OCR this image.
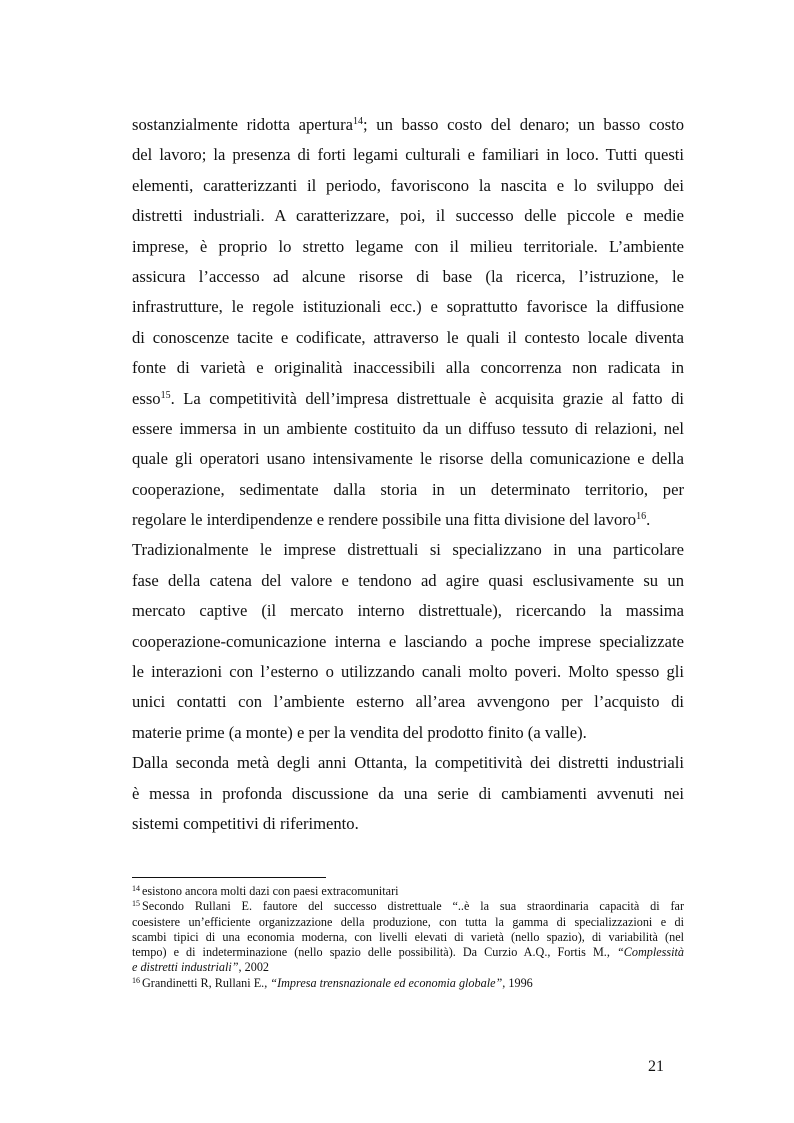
sostanzialmente ridotta apertura$^{14}$; un basso costo del denaro; un basso costo
del lavoro; la presenza di forti legami culturali e familiari in loco. Tutti questi
elementi, caratterizzanti il periodo, favoriscono la nascita e lo sviluppo dei
distretti industriali. A caratterizzare, poi, il successo delle piccole e medie
imprese, è proprio lo stretto legame con il milieu territoriale. L’ambiente
assicura l’accesso ad alcune risorse di base (la ricerca, l’istruzione, le
infrastrutture, le regole istituzionali ecc.) e soprattutto favorisce la diffusione
di conoscenze tacite e codificate, attraverso le quali il contesto locale diventa
fonte di varietà e originalità inaccessibili alla concorrenza non radicata in
esso$^{15}$. La competitività dell’impresa distrettuale è acquisita grazie al fatto di
essere immersa in un ambiente costituito da un diffuso tessuto di relazioni, nel
quale gli operatori usano intensivamente le risorse della comunicazione e della
cooperazione, sedimentate dalla storia in un determinato territorio, per
regolare le interdipendenze e rendere possibile una fitta divisione del lavoro$^{16}$.
Tradizionalmente le imprese distrettuali si specializzano in una particolare
fase della catena del valore e tendono ad agire quasi esclusivamente su un
mercato captive (il mercato interno distrettuale), ricercando la massima
cooperazione-comunicazione interna e lasciando a poche imprese specializzate
le interazioni con l’esterno o utilizzando canali molto poveri. Molto spesso gli
unici contatti con l’ambiente esterno all’area avvengono per l’acquisto di
materie prime (a monte) e per la vendita del prodotto finito (a valle).
Dalla seconda metà degli anni Ottanta, la competitività dei distretti industriali
è messa in profonda discussione da una serie di cambiamenti avvenuti nei
sistemi competitivi di riferimento.
$^{14}$ esistono ancora molti dazi con paesi extracomunitari
$^{15}$ Secondo Rullani E. fautore del successo distrettuale “..è la sua straordinaria capacità di far
coesistere un’efficiente organizzazione della produzione, con tutta la gamma di specializzazioni e di
scambi tipici di una economia moderna, con livelli elevati di varietà (nello spazio), di variabilità (nel
tempo) e di indeterminazione (nello spazio delle possibilità). Da Curzio A.Q., Fortis M., “Complessità
e distretti industriali”, 2002
$^{16}$ Grandinetti R, Rullani E., “Impresa trensnazionale ed economia globale”, 1996
21
